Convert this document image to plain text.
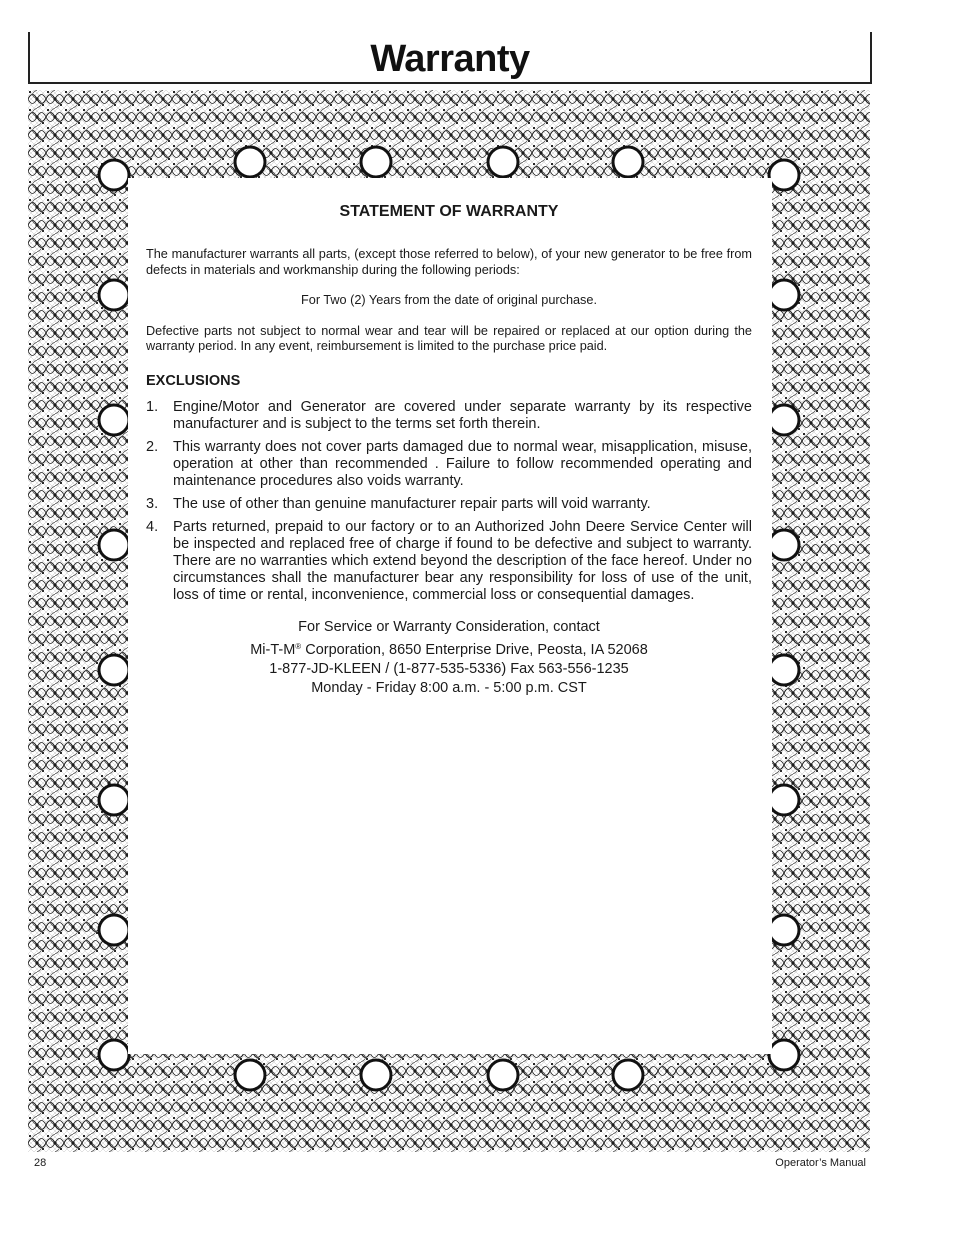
Warranty
STATEMENT OF WARRANTY

The manufacturer warrants all parts, (except those referred to below), of your new generator to be free from defects in materials and workmanship during the following periods:

For Two (2) Years from the date of original purchase.

Defective parts not subject to normal wear and tear will be repaired or replaced at our option during the warranty period. In any event, reimbursement is limited to the purchase price paid.

EXCLUSIONS
1. Engine/Motor and Generator are covered under separate warranty by its respective manufacturer and is subject to the terms set forth therein.
2. This warranty does not cover parts damaged due to normal wear, misapplication, misuse, operation at other than recommended . Failure to follow recommended operating and maintenance procedures also voids warranty.
3. The use of other than genuine manufacturer repair parts will void warranty.
4. Parts returned, prepaid to our factory or to an Authorized John Deere Service Center will be inspected and replaced free of charge if found to be defective and subject to warranty. There are no warranties which extend beyond the description of the face hereof. Under no circumstances shall the manufacturer bear any responsibility for loss of use of the unit, loss of time or rental, inconvenience, commercial loss or consequential damages.
For Service or Warranty Consideration, contact
Mi-T-M® Corporation, 8650 Enterprise Drive, Peosta, IA 52068
1-877-JD-KLEEN / (1-877-535-5336) Fax 563-556-1235
Monday - Friday 8:00 a.m. - 5:00 p.m. CST
28	Operator’s Manual
